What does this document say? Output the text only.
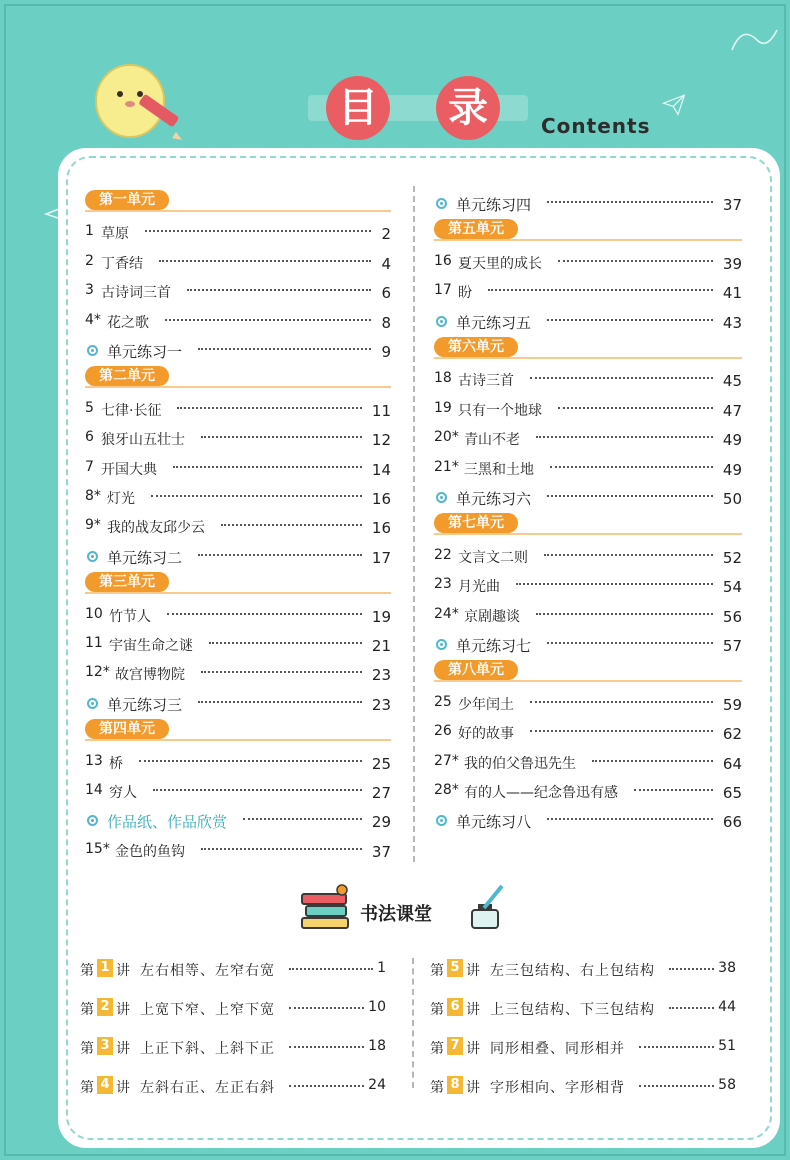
目	录	Contents
第一单元
1 草原	2
2 丁香结	4
3 古诗词三首	6
4* 花之歌	8
单元练习一	9
第二单元
5 七律·长征	11
6 狼牙山五壮士	12
7 开国大典	14
8* 灯光	16
9* 我的战友邱少云	16
单元练习二	17
第三单元
10 竹节人	19
11 宇宙生命之谜	21
12* 故宫博物院	23
单元练习三	23
第四单元
13 桥	25
14 穷人	27
作品纸、作品欣赏	29
15* 金色的鱼钩	37
单元练习四	37
第五单元
16 夏天里的成长	39
17 盼	41
单元练习五	43
第六单元
18 古诗三首	45
19 只有一个地球	47
20* 青山不老	49
21* 三黑和土地	49
单元练习六	50
第七单元
22 文言文二则	52
23 月光曲	54
24* 京剧趣谈	56
单元练习七	57
第八单元
25 少年闰土	59
26 好的故事	62
27* 我的伯父鲁迅先生	64
28* 有的人——纪念鲁迅有感	65
单元练习八	66
书法课堂
第 1 讲 左右相等、左窄右宽	1
第 2 讲 上宽下窄、上窄下宽	10
第 3 讲 上正下斜、上斜下正	18
第 4 讲 左斜右正、左正右斜	24
第 5 讲 左三包结构、右上包结构	38
第 6 讲 上三包结构、下三包结构	44
第 7 讲 同形相叠、同形相并	51
第 8 讲 字形相向、字形相背	58
